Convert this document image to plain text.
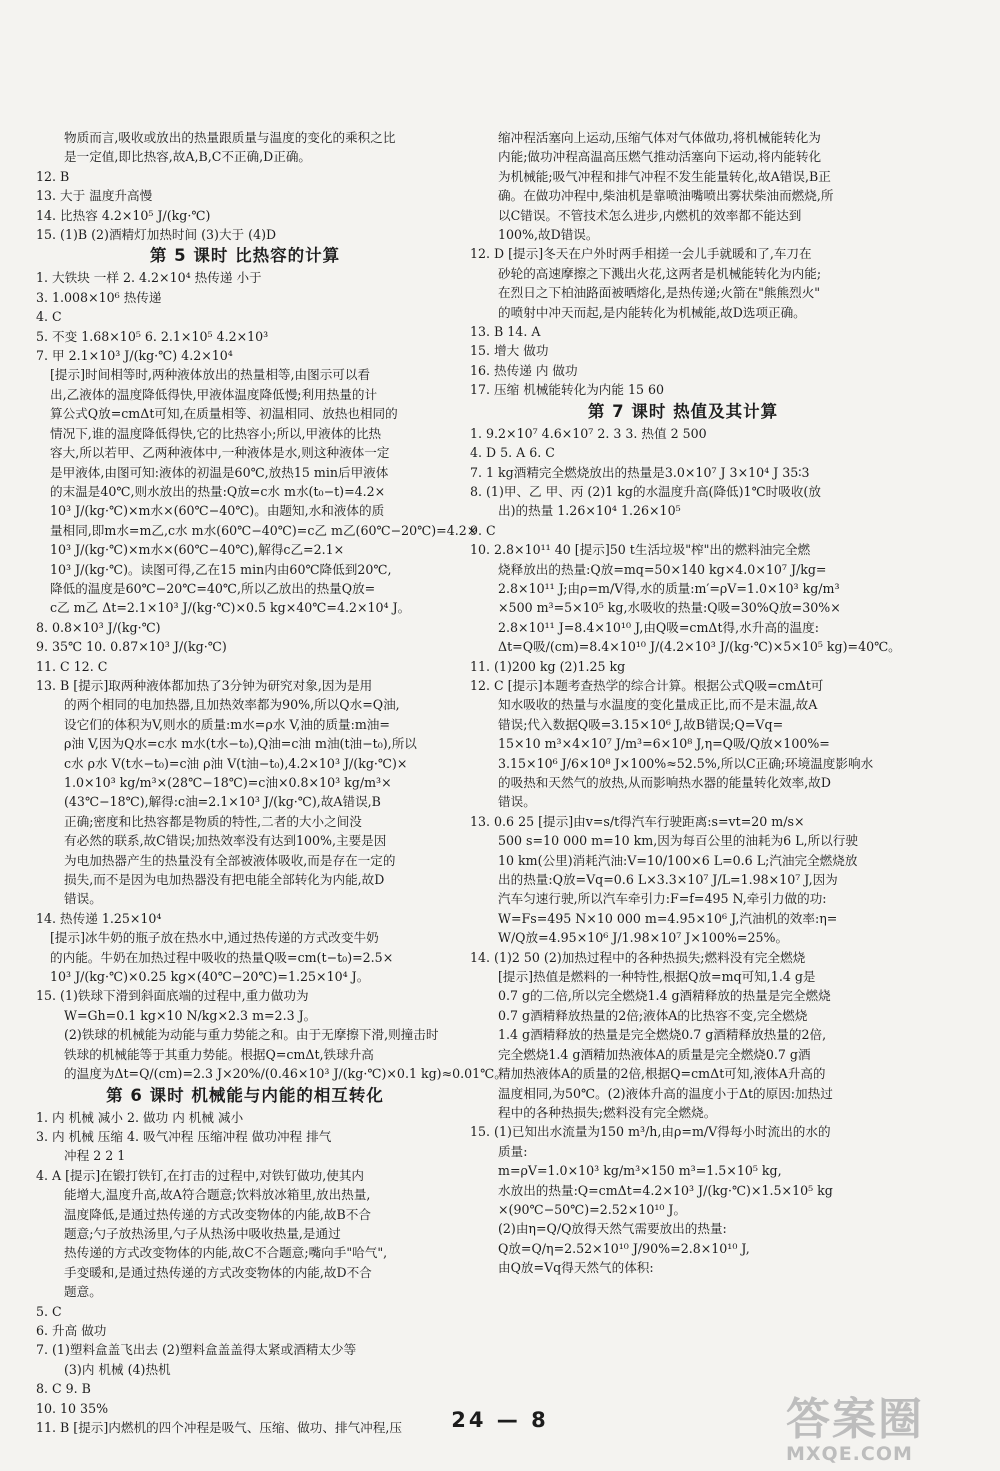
物质而言,吸收或放出的热量跟质量与温度的变化的乘积之比
是一定值,即比热容,故A,B,C不正确,D正确。
12. B
13. 大于 温度升高慢
14. 比热容 4.2×10⁵ J/(kg·℃)
15. (1)B (2)酒精灯加热时间 (3)大于 (4)D
第 5 课时 比热容的计算
1. 大铁块 一样 2. 4.2×10⁴ 热传递 小于
3. 1.008×10⁶ 热传递
4. C
5. 不变 1.68×10⁵ 6. 2.1×10⁵ 4.2×10³
7. 甲 2.1×10³ J/(kg·℃) 4.2×10⁴
[提示]时间相等时,两种液体放出的热量相等,由图示可以看
出,乙液体的温度降低得快,甲液体温度降低慢;利用热量的计
算公式Q放=cmΔt可知,在质量相等、初温相同、放热也相同的
情况下,谁的温度降低得快,它的比热容小;所以,甲液体的比热
容大,所以若甲、乙两种液体中,一种液体是水,则这种液体一定
是甲液体,由图可知:液体的初温是60℃,放热15 min后甲液体
的末温是40℃,则水放出的热量:Q放=c水 m水(t₀−t)=4.2×
10³ J/(kg·℃)×m水×(60℃−40℃)。由题知,水和液体的质
量相同,即m水=m乙,c水 m水(60℃−40℃)=c乙 m乙(60℃−20℃)=4.2×
10³ J/(kg·℃)×m水×(60℃−40℃),解得c乙=2.1×
10³ J/(kg·℃)。读图可得,乙在15 min内由60℃降低到20℃,
降低的温度是60℃−20℃=40℃,所以乙放出的热量Q放=
c乙 m乙 Δt=2.1×10³ J/(kg·℃)×0.5 kg×40℃=4.2×10⁴ J。
8. 0.8×10³ J/(kg·℃)
9. 35℃ 10. 0.87×10³ J/(kg·℃)
11. C 12. C
13. B [提示]取两种液体都加热了3分钟为研究对象,因为是用
的两个相同的电加热器,且加热效率都为90%,所以Q水=Q油,
设它们的体积为V,则水的质量:m水=ρ水 V,油的质量:m油=
ρ油 V,因为Q水=c水 m水(t水−t₀),Q油=c油 m油(t油−t₀),所以
c水 ρ水 V(t水−t₀)=c油 ρ油 V(t油−t₀),4.2×10³ J/(kg·℃)×
1.0×10³ kg/m³×(28℃−18℃)=c油×0.8×10³ kg/m³×
(43℃−18℃),解得:c油=2.1×10³ J/(kg·℃),故A错误,B
正确;密度和比热容都是物质的特性,二者的大小之间没
有必然的联系,故C错误;加热效率没有达到100%,主要是因
为电加热器产生的热量没有全部被液体吸收,而是存在一定的
损失,而不是因为电加热器没有把电能全部转化为内能,故D
错误。
14. 热传递 1.25×10⁴
[提示]冰牛奶的瓶子放在热水中,通过热传递的方式改变牛奶
的内能。牛奶在加热过程中吸收的热量Q吸=cm(t−t₀)=2.5×
10³ J/(kg·℃)×0.25 kg×(40℃−20℃)=1.25×10⁴ J。
15. (1)铁球下滑到斜面底端的过程中,重力做功为
W=Gh=0.1 kg×10 N/kg×2.3 m=2.3 J。
(2)铁球的机械能为动能与重力势能之和。由于无摩擦下滑,则撞击时
铁球的机械能等于其重力势能。根据Q=cmΔt,铁球升高
的温度为Δt=Q/(cm)=2.3 J×20%/(0.46×10³ J/(kg·℃)×0.1 kg)≈0.01℃。
第 6 课时 机械能与内能的相互转化
1. 内 机械 减小 2. 做功 内 机械 减小
3. 内 机械 压缩 4. 吸气冲程 压缩冲程 做功冲程 排气
冲程 2 2 1
4. A [提示]在锻打铁钉,在打击的过程中,对铁钉做功,使其内
能增大,温度升高,故A符合题意;饮料放冰箱里,放出热量,
温度降低,是通过热传递的方式改变物体的内能,故B不合
题意;勺子放热汤里,勺子从热汤中吸收热量,是通过
热传递的方式改变物体的内能,故C不合题意;嘴向手"哈气",
手变暖和,是通过热传递的方式改变物体的内能,故D不合
题意。
5. C
6. 升高 做功
7. (1)塑料盒盖飞出去 (2)塑料盒盖盖得太紧或酒精太少等
(3)内 机械 (4)热机
8. C 9. B
10. 10 35%
11. B [提示]内燃机的四个冲程是吸气、压缩、做功、排气冲程,压
缩冲程活塞向上运动,压缩气体对气体做功,将机械能转化为
内能;做功冲程高温高压燃气推动活塞向下运动,将内能转化
为机械能;吸气冲程和排气冲程不发生能量转化,故A错误,B正
确。在做功冲程中,柴油机是靠喷油嘴喷出雾状柴油而燃烧,所
以C错误。不管技术怎么进步,内燃机的效率都不能达到
100%,故D错误。
12. D [提示]冬天在户外时两手相搓一会儿手就暖和了,车刀在
砂轮的高速摩擦之下溅出火花,这两者是机械能转化为内能;
在烈日之下柏油路面被晒熔化,是热传递;火箭在"熊熊烈火"
的喷射中冲天而起,是内能转化为机械能,故D选项正确。
13. B 14. A
15. 增大 做功
16. 热传递 内 做功
17. 压缩 机械能转化为内能 15 60
第 7 课时 热值及其计算
1. 9.2×10⁷ 4.6×10⁷ 2. 3 3. 热值 2 500
4. D 5. A 6. C
7. 1 kg酒精完全燃烧放出的热量是3.0×10⁷ J 3×10⁴ J 35∶3
8. (1)甲、乙 甲、丙 (2)1 kg的水温度升高(降低)1℃时吸收(放
出)的热量 1.26×10⁴ 1.26×10⁵
9. C
10. 2.8×10¹¹ 40 [提示]50 t生活垃圾"榨"出的燃料油完全燃
烧释放出的热量:Q放=mq=50×140 kg×4.0×10⁷ J/kg=
2.8×10¹¹ J;由ρ=m/V得,水的质量:m′=ρV=1.0×10³ kg/m³
×500 m³=5×10⁵ kg,水吸收的热量:Q吸=30%Q放=30%×
2.8×10¹¹ J=8.4×10¹⁰ J,由Q吸=cmΔt得,水升高的温度:
Δt=Q吸/(cm)=8.4×10¹⁰ J/(4.2×10³ J/(kg·℃)×5×10⁵ kg)=40℃。
11. (1)200 kg (2)1.25 kg
12. C [提示]本题考查热学的综合计算。根据公式Q吸=cmΔt可
知水吸收的热量与水温度的变化量成正比,而不是末温,故A
错误;代入数据Q吸=3.15×10⁶ J,故B错误;Q=Vq=
15×10 m³×4×10⁷ J/m³=6×10⁸ J,η=Q吸/Q放×100%=
3.15×10⁶ J/6×10⁸ J×100%≈52.5%,所以C正确;环境温度影响水
的吸热和天然气的放热,从而影响热水器的能量转化效率,故D
错误。
13. 0.6 25 [提示]由v=s/t得汽车行驶距离:s=vt=20 m/s×
500 s=10 000 m=10 km,因为每百公里的油耗为6 L,所以行驶
10 km(公里)消耗汽油:V=10/100×6 L=0.6 L;汽油完全燃烧放
出的热量:Q放=Vq=0.6 L×3.3×10⁷ J/L=1.98×10⁷ J,因为
汽车匀速行驶,所以汽车牵引力:F=f=495 N,牵引力做的功:
W=Fs=495 N×10 000 m=4.95×10⁶ J,汽油机的效率:η=
W/Q放=4.95×10⁶ J/1.98×10⁷ J×100%=25%。
14. (1)2 50 (2)加热过程中的各种热损失;燃料没有完全燃烧
[提示]热值是燃料的一种特性,根据Q放=mq可知,1.4 g是
0.7 g的二倍,所以完全燃烧1.4 g酒精释放的热量是完全燃烧
0.7 g酒精释放热量的2倍;液体A的比热容不变,完全燃烧
1.4 g酒精释放的热量是完全燃烧0.7 g酒精释放热量的2倍,
完全燃烧1.4 g酒精加热液体A的质量是完全燃烧0.7 g酒
精加热液体A的质量的2倍,根据Q=cmΔt可知,液体A升高的
温度相同,为50℃。(2)液体升高的温度小于Δt的原因:加热过
程中的各种热损失;燃料没有完全燃烧。
15. (1)已知出水流量为150 m³/h,由ρ=m/V得每小时流出的水的
质量:
m=ρV=1.0×10³ kg/m³×150 m³=1.5×10⁵ kg,
水放出的热量:Q=cmΔt=4.2×10³ J/(kg·℃)×1.5×10⁵ kg
×(90℃−50℃)=2.52×10¹⁰ J。
(2)由η=Q/Q放得天然气需要放出的热量:
Q放=Q/η=2.52×10¹⁰ J/90%=2.8×10¹⁰ J,
由Q放=Vq得天然气的体积:
24 — 8	答案圈
MXQE.COM
